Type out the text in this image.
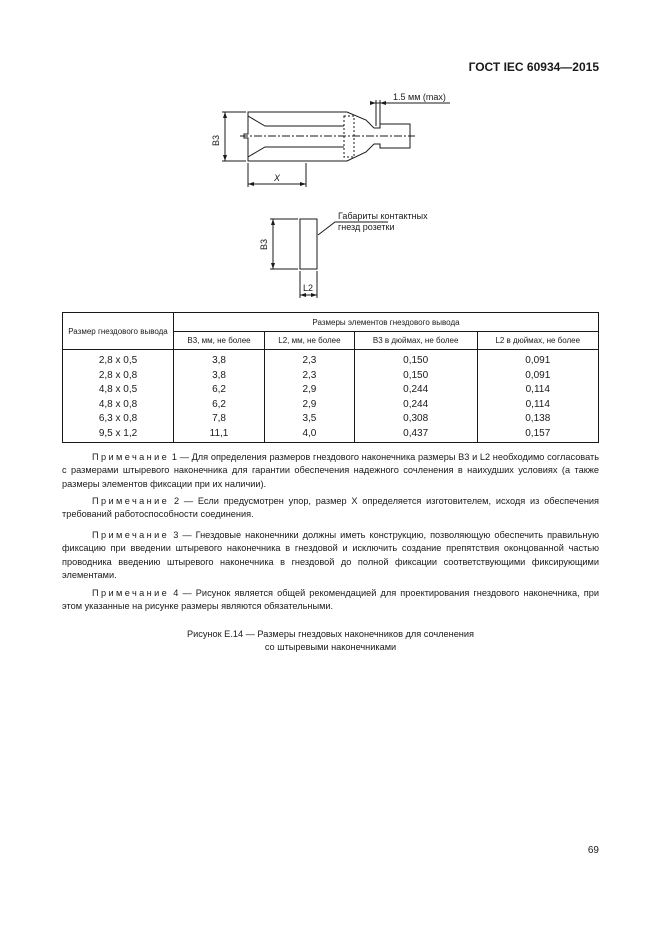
ГОСТ IEC 60934—2015
B3
X
1.5 мм (max)
B3
L2
Габариты контактных
гнезд розетки
Размер гнездового вывода	Размеры элементов гнездового вывода			
	B3, мм, не более	L2, мм, не более	B3 в дюймах, не более	L2 в дюймах, не более
2,8 x 0,5	3,8	2,3	0,150	0,091
2,8 x 0,8	3,8	2,3	0,150	0,091
4,8 x 0,5	6,2	2,9	0,244	0,114
4,8 x 0,8	6,2	2,9	0,244	0,114
6,3 x 0,8	7,8	3,5	0,308	0,138
9,5 x 1,2	11,1	4,0	0,437	0,157

Примечание 1 — Для определения размеров гнездового наконечника размеры B3 и L2 необходимо согласовать с размерами штыревого наконечника для гарантии обеспечения надежного сочленения в наихудших условиях (а также размеры элементов фиксации при их наличии).

Примечание 2 — Если предусмотрен упор, размер X определяется изготовителем, исходя из обеспечения требований работоспособности соединения.

Примечание 3 — Гнездовые наконечники должны иметь конструкцию, позволяющую обеспечить правильную фиксацию при введении штыревого наконечника в гнездовой и исключить создание препятствия оконцованной частью проводника введению штыревого наконечника в гнездовой до полной фиксации соответствующими фиксирующими элементами.

Примечание 4 — Рисунок является общей рекомендацией для проектирования гнездового наконечника, при этом указанные на рисунке размеры являются обязательными.

Рисунок Е.14 — Размеры гнездовых наконечников для сочленения
со штыревыми наконечниками
69
